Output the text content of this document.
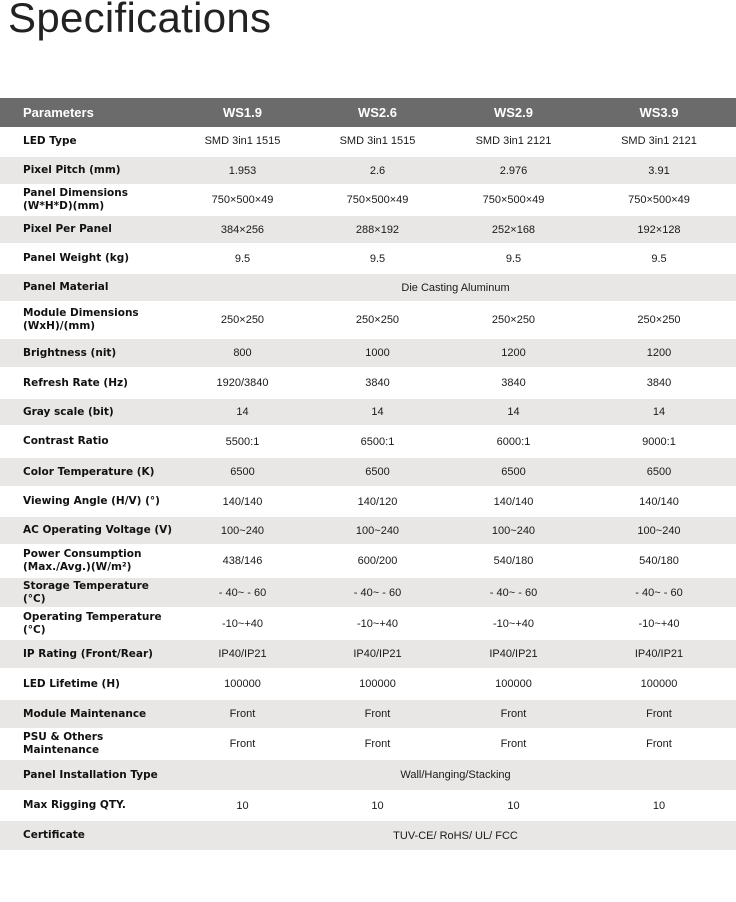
Specifications
Parameters	WS1.9	WS2.6	WS2.9	WS3.9
LED Type	SMD 3in1 1515	SMD 3in1 1515	SMD 3in1 2121	SMD 3in1 2121
Pixel Pitch (mm)	1.953	2.6	2.976	3.91
Panel Dimensions
(W*H*D)(mm)	750×500×49	750×500×49	750×500×49	750×500×49
Pixel Per Panel	384×256	288×192	252×168	192×128
Panel Weight (kg)	9.5	9.5	9.5	9.5
Panel Material	Die Casting Aluminum			
Module Dimensions
(WxH)/(mm)	250×250	250×250	250×250	250×250
Brightness (nit)	800	1000	1200	1200
Refresh Rate (Hz)	1920/3840	3840	3840	3840
Gray scale (bit)	14	14	14	14
Contrast Ratio	5500:1	6500:1	6000:1	9000:1
Color Temperature (K)	6500	6500	6500	6500
Viewing Angle (H/V) (°)	140/140	140/120	140/140	140/140
AC Operating Voltage (V)	100~240	100~240	100~240	100~240
Power Consumption
(Max./Avg.)(W/m²)	438/146	600/200	540/180	540/180
Storage Temperature (°C)	- 40~ - 60	- 40~ - 60	- 40~ - 60	- 40~ - 60
Operating Temperature (°C)	-10~+40	-10~+40	-10~+40	-10~+40
IP Rating (Front/Rear)	IP40/IP21	IP40/IP21	IP40/IP21	IP40/IP21
LED Lifetime (H)	100000	100000	100000	100000
Module Maintenance	Front	Front	Front	Front
PSU & Others Maintenance	Front	Front	Front	Front
Panel Installation Type	Wall/Hanging/Stacking			
Max Rigging QTY.	10	10	10	10
Certificate	TUV-CE/ RoHS/ UL/ FCC			
